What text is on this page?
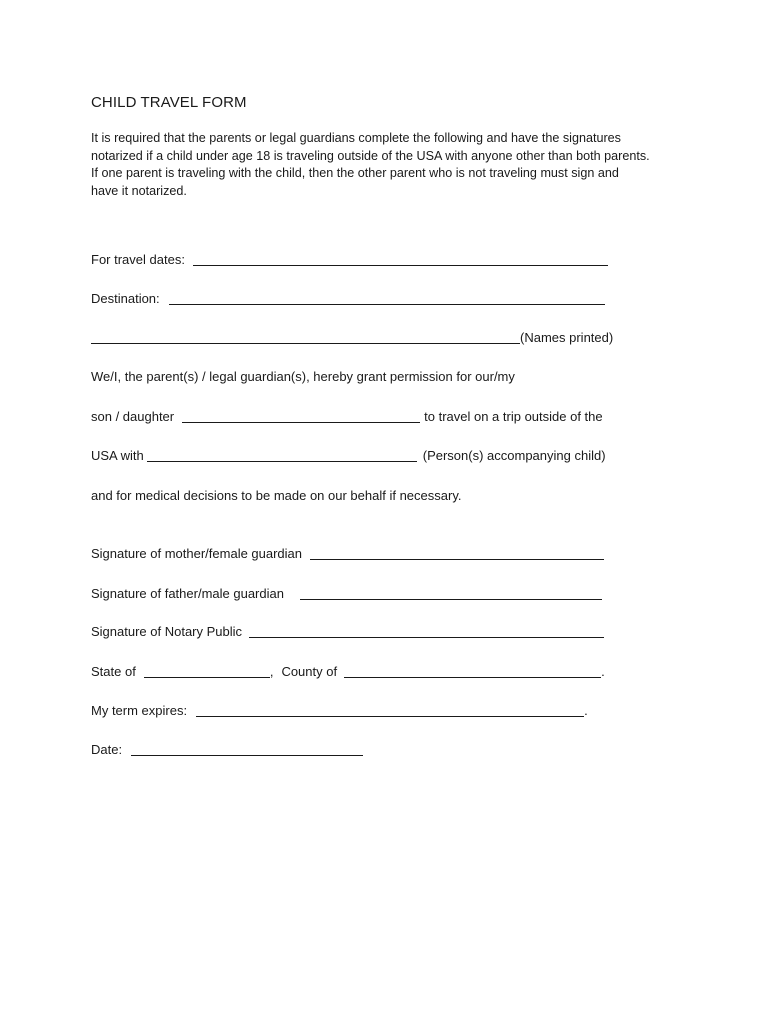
CHILD TRAVEL FORM
It is required that the parents or legal guardians complete the following and have the signatures
notarized if a child under age 18 is traveling outside of the USA with anyone other than both parents.
If one parent is traveling with the child, then the other parent who is not traveling must sign and
have it notarized.
For travel dates:
Destination:
(Names printed)
We/I, the parent(s) / legal guardian(s), hereby grant permission for our/my
son / daughter	to travel on a trip outside of the
USA with	(Person(s) accompanying child)
and for medical decisions to be made on our behalf if necessary.
Signature of mother/female guardian
Signature of father/male guardian
Signature of Notary Public
State of	, County of	.
My term expires:	.
Date:
